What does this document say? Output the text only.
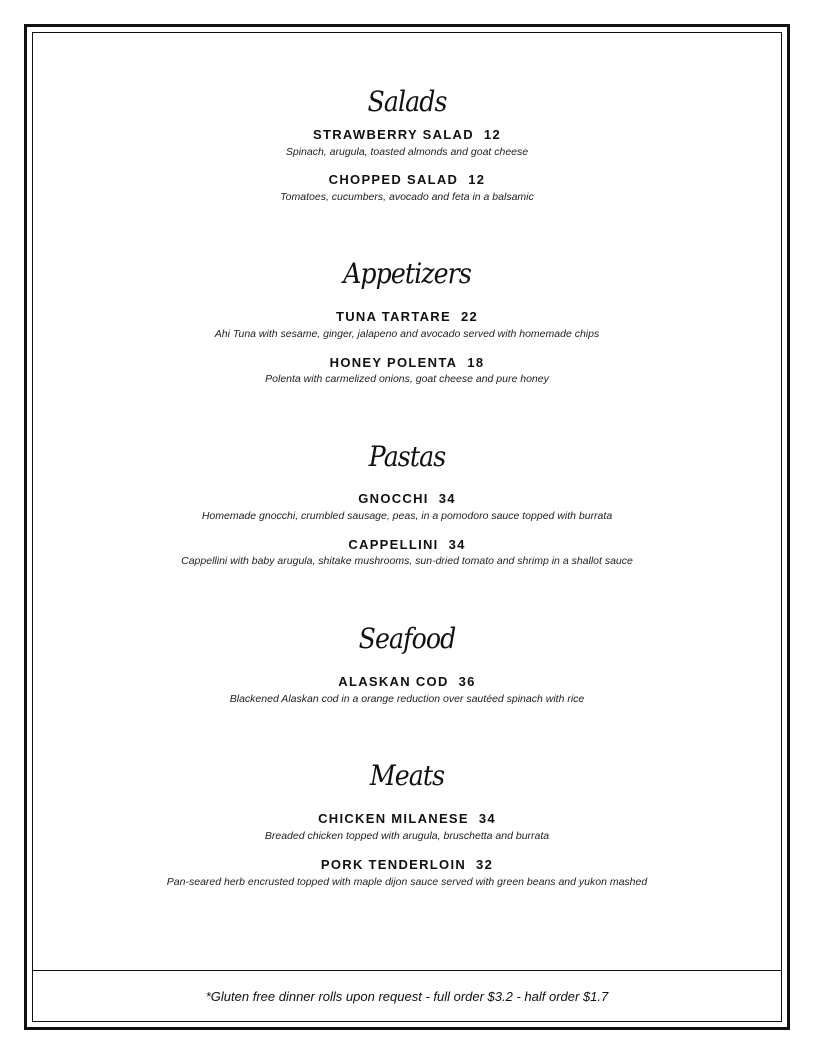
Salads
STRAWBERRY SALAD 12
Spinach, arugula, toasted almonds and goat cheese
CHOPPED SALAD 12
Tomatoes, cucumbers, avocado and feta in a balsamic
Appetizers
TUNA TARTARE 22
Ahi Tuna with sesame, ginger, jalapeno and avocado served with homemade chips
HONEY POLENTA 18
Polenta with carmelized onions, goat cheese and pure honey
Pastas
GNOCCHI 34
Homemade gnocchi, crumbled sausage, peas, in a pomodoro sauce topped with burrata
CAPPELLINI 34
Cappellini with baby arugula, shitake mushrooms, sun-dried tomato and shrimp in a shallot sauce
Seafood
ALASKAN COD 36
Blackened Alaskan cod in a orange reduction over sautéed spinach with rice
Meats
CHICKEN MILANESE 34
Breaded chicken topped with arugula, bruschetta and burrata
PORK TENDERLOIN 32
Pan-seared herb encrusted topped with maple dijon sauce served with green beans and yukon mashed
*Gluten free dinner rolls upon request - full order $3.2 - half order $1.7
